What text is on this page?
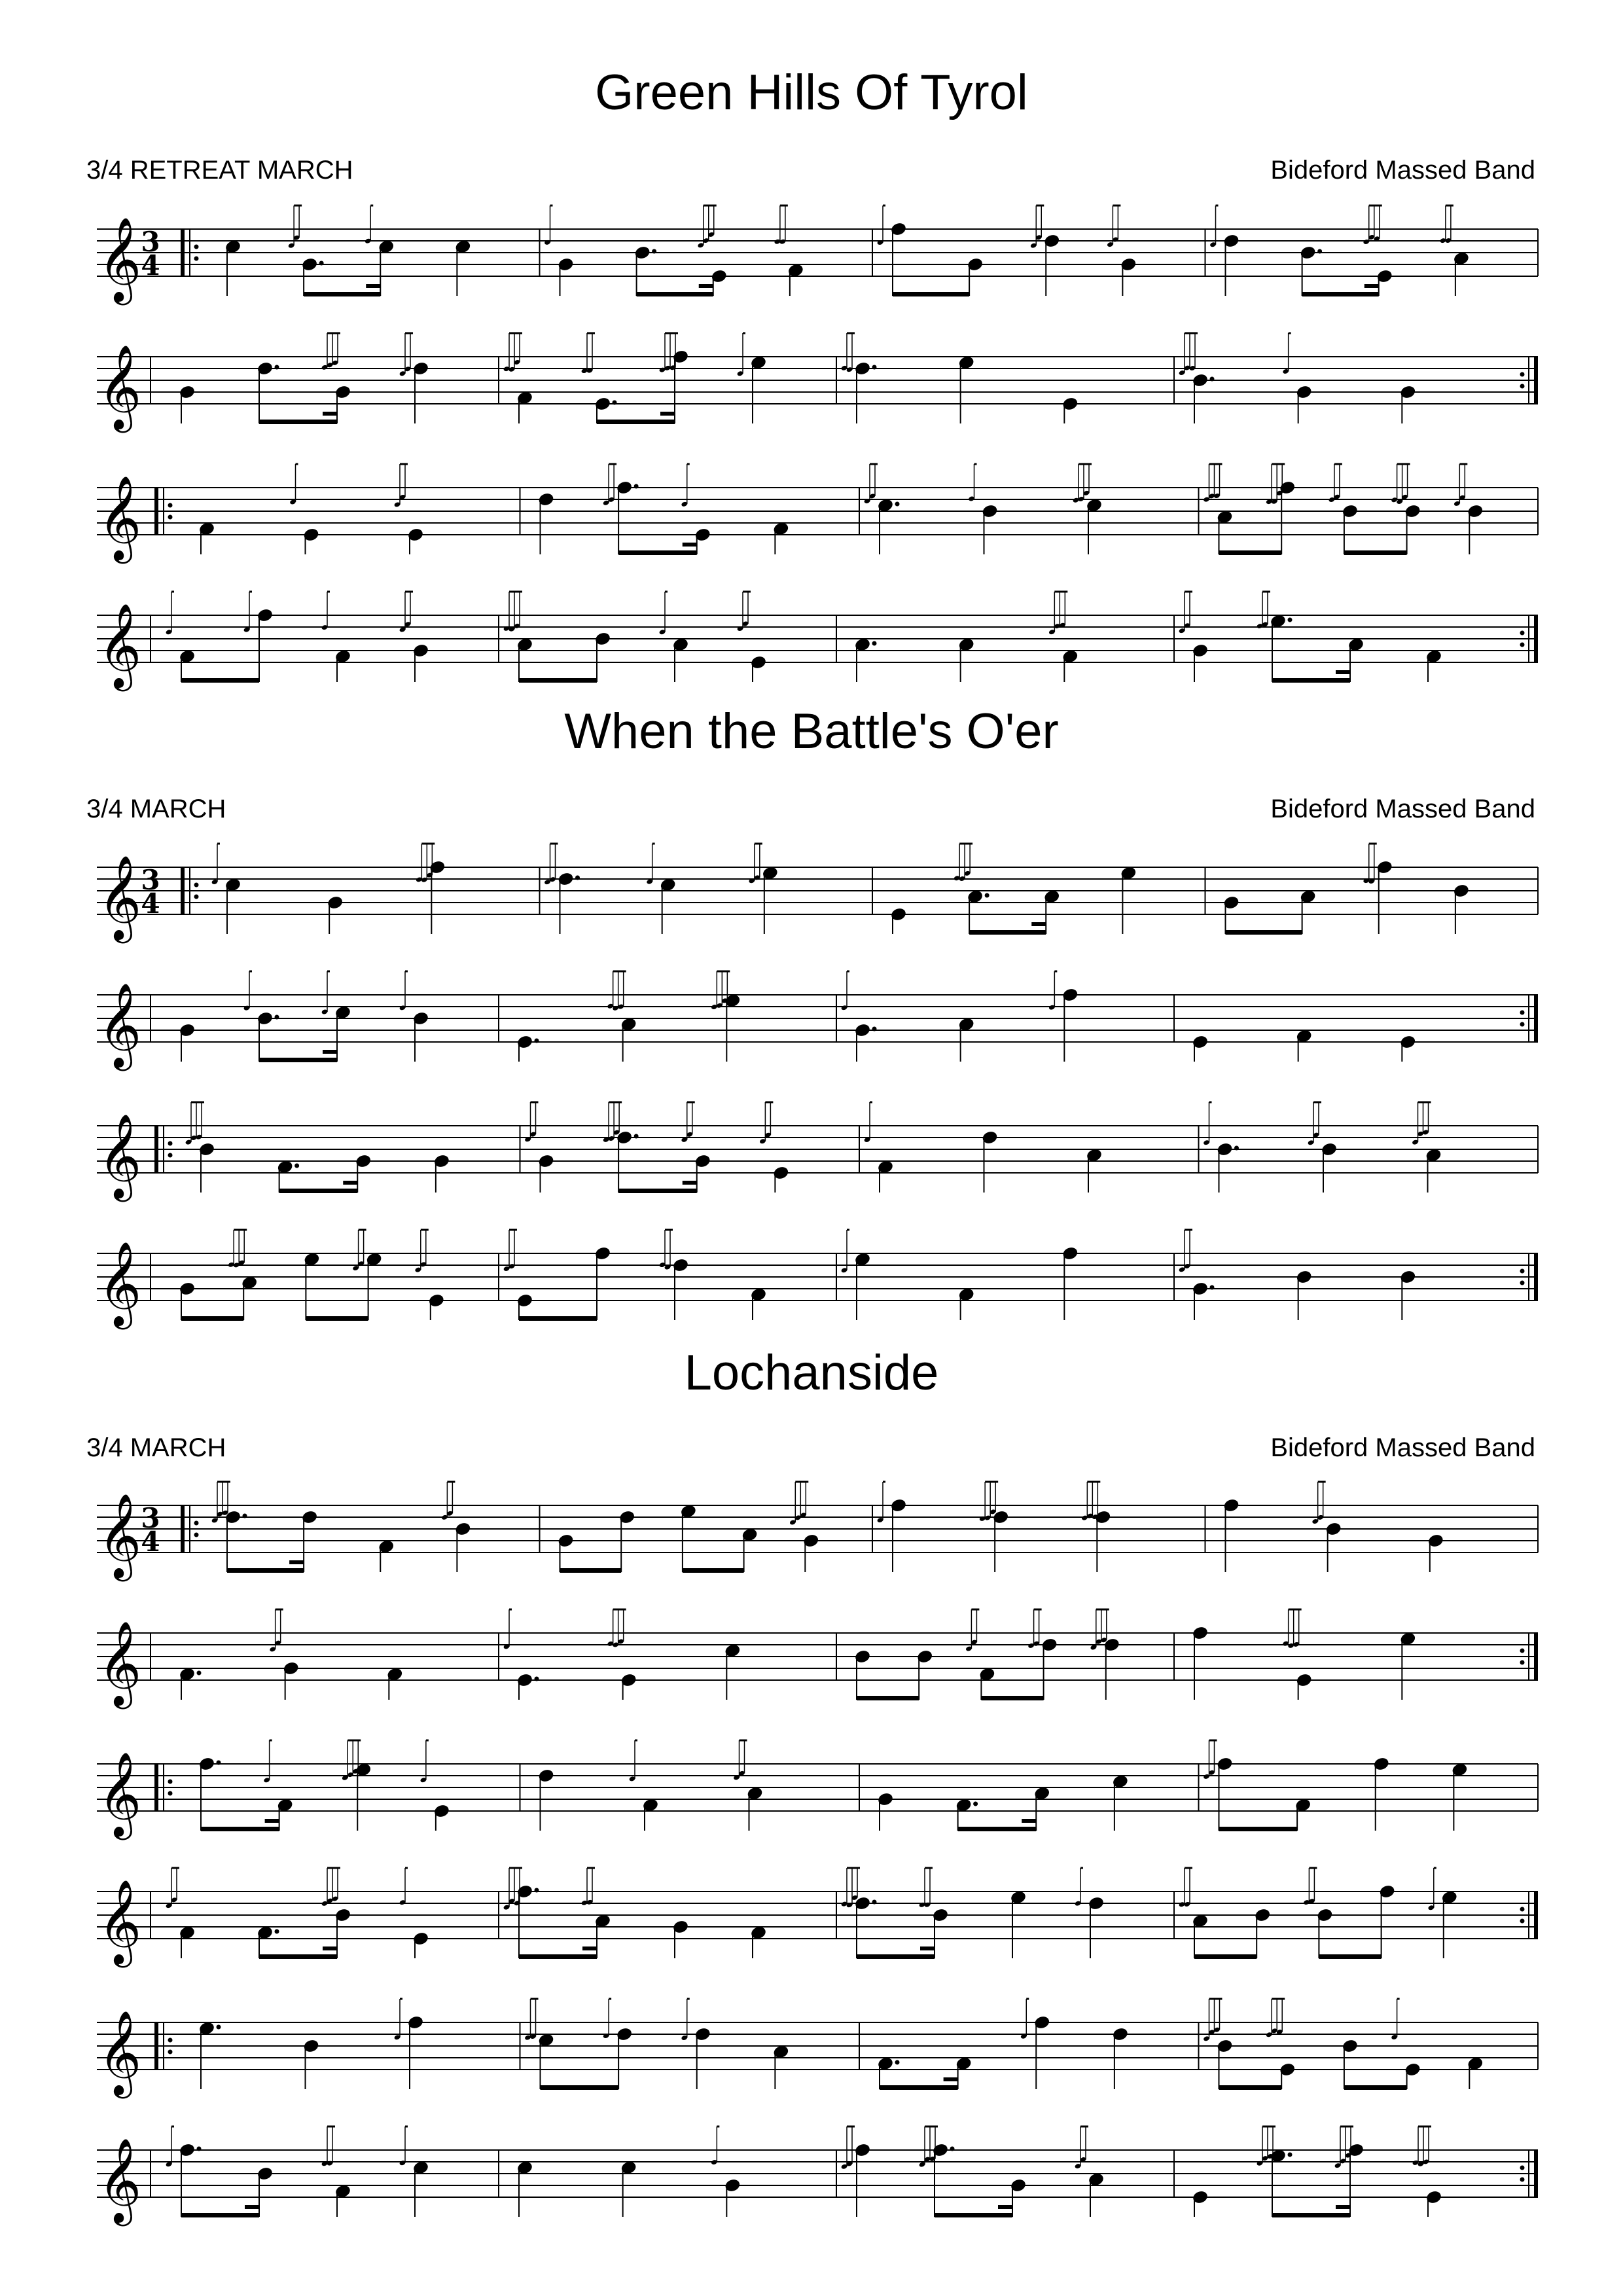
Green Hills Of Tyrol
3/4 RETREAT MARCH	Bideford Massed Band
When the Battle's O'er
3/4 MARCH	Bideford Massed Band
Lochanside
3/4 MARCH	Bideford Massed Band
𝄞 3
4
𝄞
𝄞
𝄞
𝄞 3
4
𝄞
𝄞
𝄞
𝄞 3
4
𝄞
𝄞
𝄞
𝄞
𝄞
